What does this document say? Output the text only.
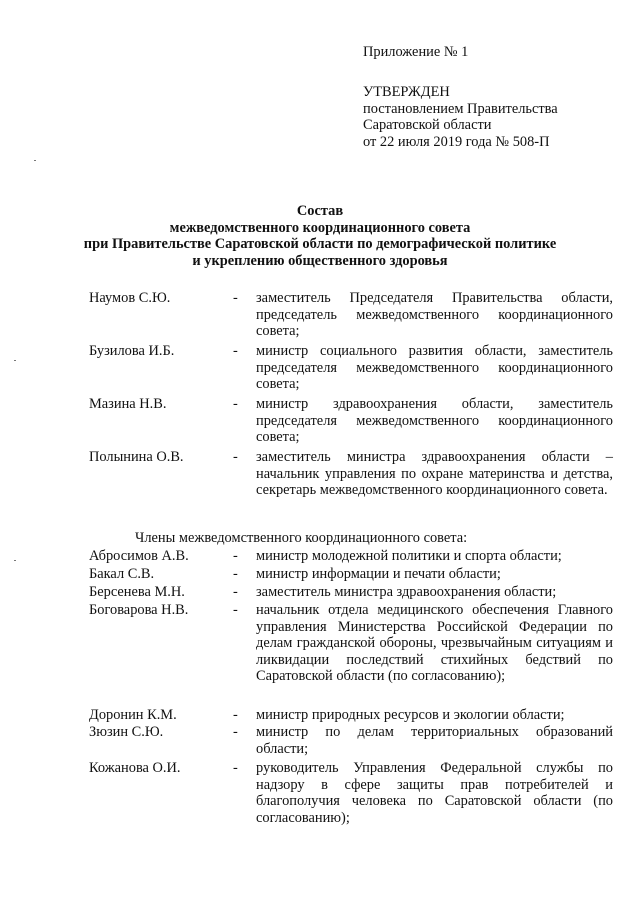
Приложение № 1
УТВЕРЖДЕН
постановлением Правительства
Саратовской области
от 22 июля 2019 года № 508-П
Состав
межведомственного координационного совета
при Правительстве Саратовской области по демографической политике
и укреплению общественного здоровья
Наумов С.Ю.	-	заместитель Председателя Правительства области, председатель межведомственного координационного совета;
Бузилова И.Б.	-	министр социального развития области, заместитель председателя межведомственного координационного совета;
Мазина Н.В.	-	министр здравоохранения области, заместитель председателя межведомственного координационного совета;
Полынина О.В.	-	заместитель министра здравоохранения области – начальник управления по охране материнства и детства, секретарь межведомственного координационного совета.
Члены межведомственного координационного совета:
Абросимов А.В.	-	министр молодежной политики и спорта области;
Бакал С.В.	-	министр информации и печати области;
Берсенева М.Н.	-	заместитель министра здравоохранения области;
Боговарова Н.В.	-	начальник отдела медицинского обеспечения Главного управления Министерства Российской Федерации по делам гражданской обороны, чрезвычайным ситуациям и ликвидации последствий стихийных бедствий по Саратовской области (по согласованию);
Доронин К.М.	-	министр природных ресурсов и экологии области;
Зюзин С.Ю.	-	министр по делам территориальных образований области;
Кожанова О.И.	-	руководитель Управления Федеральной службы по надзору в сфере защиты прав потребителей и благополучия человека по Саратовской области (по согласованию);
